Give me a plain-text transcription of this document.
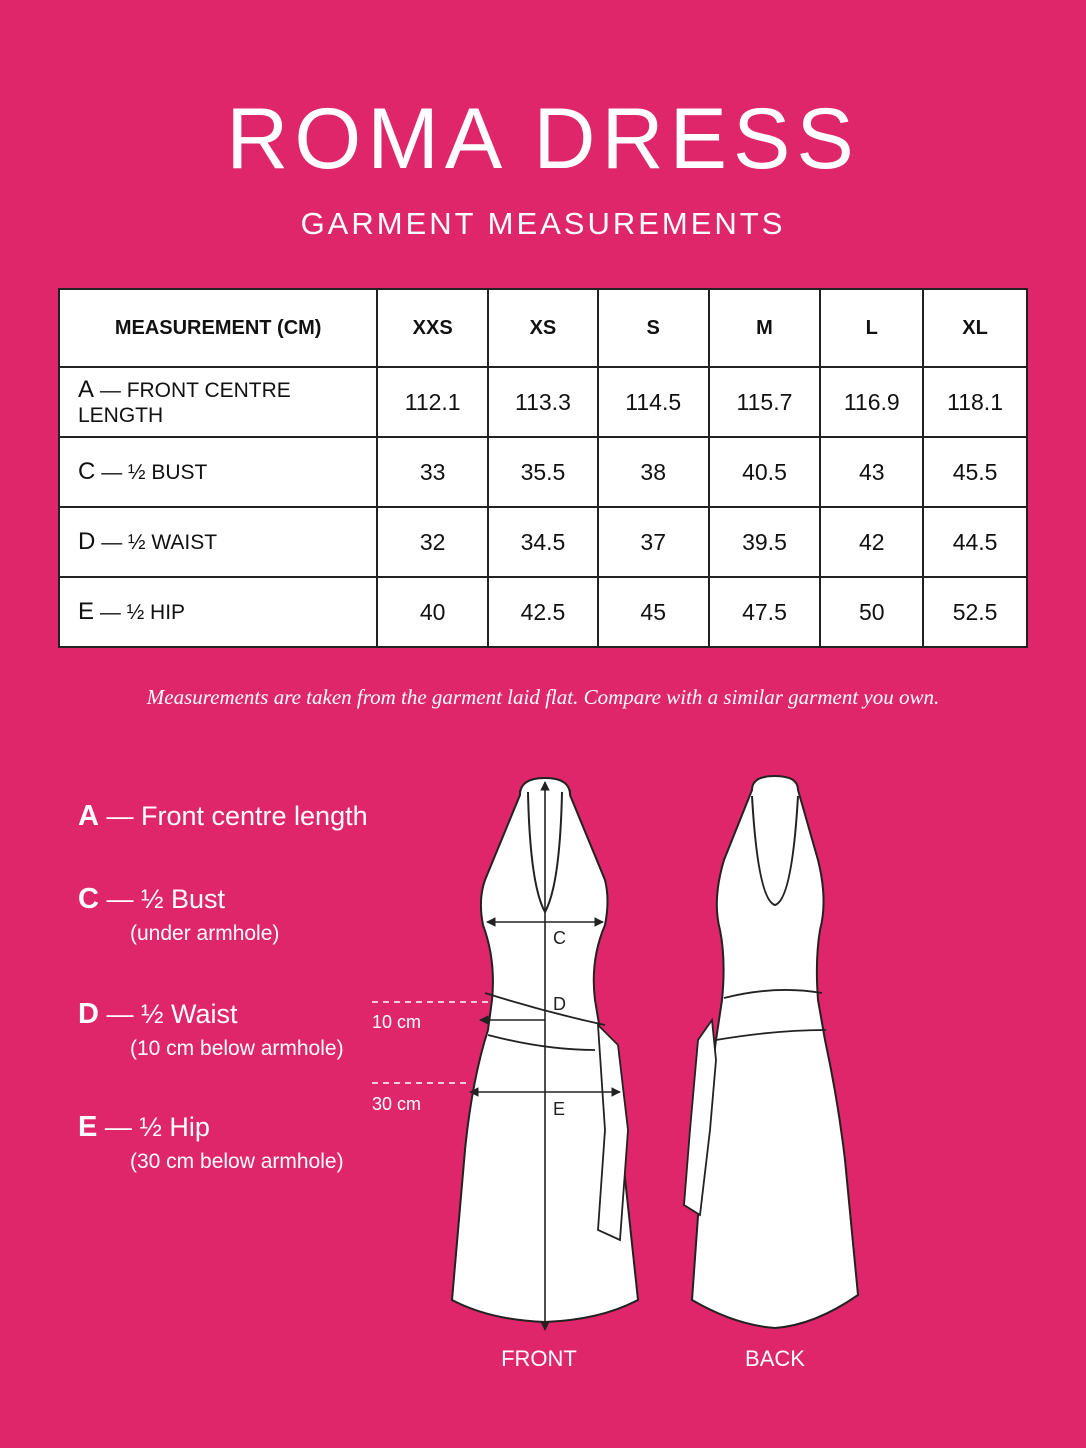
ROMA DRESS
GARMENT MEASUREMENTS
MEASUREMENT (CM)	XXS	XS	S	M	L	XL
A — FRONT CENTRE LENGTH	112.1	113.3	114.5	115.7	116.9	118.1
C — ½ BUST	33	35.5	38	40.5	43	45.5
D — ½ WAIST	32	34.5	37	39.5	42	44.5
E — ½ HIP	40	42.5	45	47.5	50	52.5
Measurements are taken from the garment laid flat. Compare with a similar garment you own.
A — Front centre length
C — ½ Bust
(under armhole)
D — ½ Waist
(10 cm below armhole)
E — ½ Hip
(30 cm below armhole)
C
D
E
10 cm
30 cm
FRONT	BACK
